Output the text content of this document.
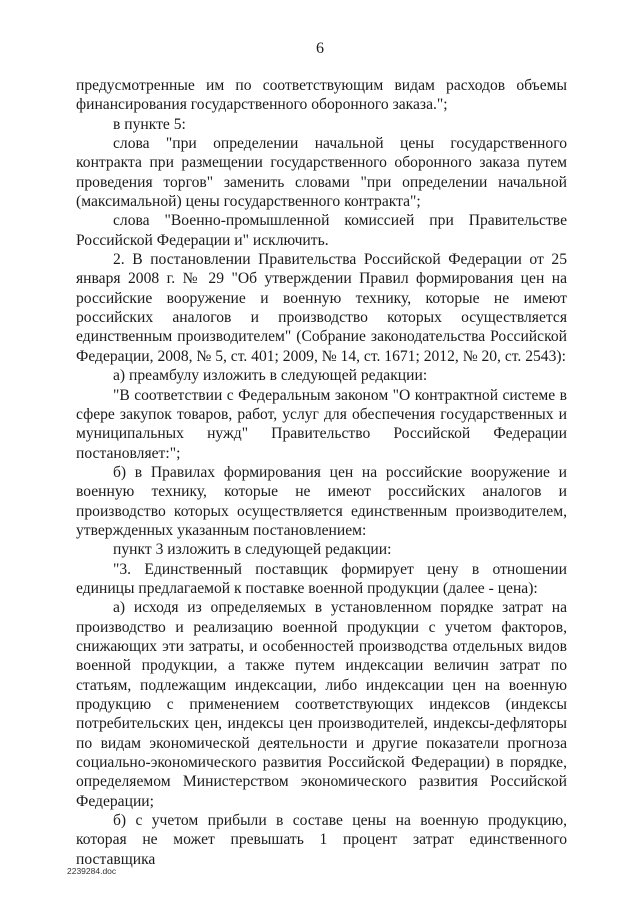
6

предусмотренные им по соответствующим видам расходов объемы финансирования государственного оборонного заказа.";

в пункте 5:

слова "при определении начальной цены государственного контракта при размещении государственного оборонного заказа путем проведения торгов" заменить словами "при определении начальной (максимальной) цены государственного контракта";

слова "Военно-промышленной комиссией при Правительстве Российской Федерации и" исключить.

2. В постановлении Правительства Российской Федерации от 25 января 2008 г. № 29 "Об утверждении Правил формирования цен на российские вооружение и военную технику, которые не имеют российских аналогов и производство которых осуществляется единственным производителем" (Собрание законодательства Российской Федерации, 2008, № 5, ст. 401; 2009, № 14, ст. 1671; 2012, № 20, ст. 2543):

а) преамбулу изложить в следующей редакции:

"В соответствии с Федеральным законом "О контрактной системе в сфере закупок товаров, работ, услуг для обеспечения государственных и муниципальных нужд" Правительство Российской Федерации постановляет:";

б) в Правилах формирования цен на российские вооружение и военную технику, которые не имеют российских аналогов и производство которых осуществляется единственным производителем, утвержденных указанным постановлением:

пункт 3 изложить в следующей редакции:

"3. Единственный поставщик формирует цену в отношении единицы предлагаемой к поставке военной продукции (далее - цена):

а) исходя из определяемых в установленном порядке затрат на производство и реализацию военной продукции с учетом факторов, снижающих эти затраты, и особенностей производства отдельных видов военной продукции, а также путем индексации величин затрат по статьям, подлежащим индексации, либо индексации цен на военную продукцию с применением соответствующих индексов (индексы потребительских цен, индексы цен производителей, индексы-дефляторы по видам экономической деятельности и другие показатели прогноза социально-экономического развития Российской Федерации) в порядке, определяемом Министерством экономического развития Российской Федерации;

б) с учетом прибыли в составе цены на военную продукцию, которая не может превышать 1 процент затрат единственного поставщика

2239284.doc
